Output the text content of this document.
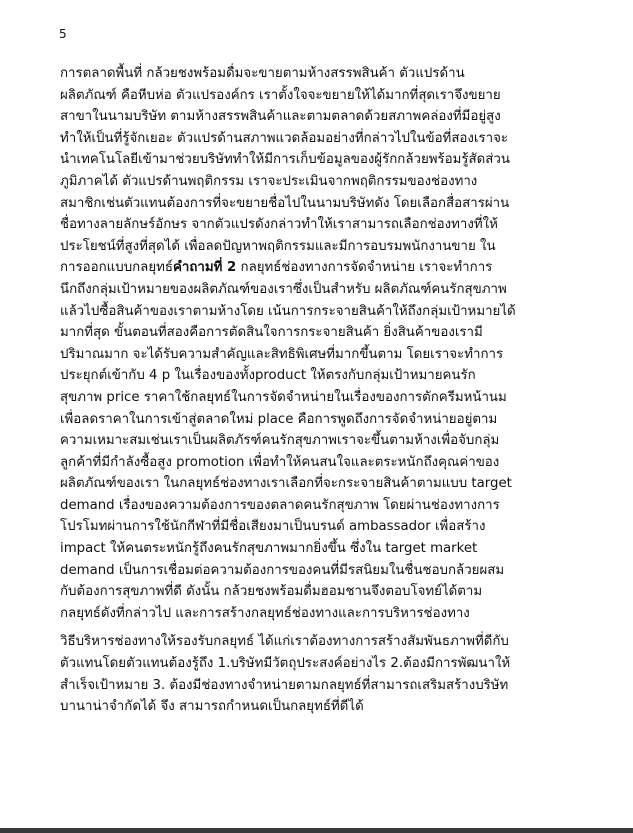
5
การตลาดพื้นที่ กล้วยชงพร้อมดื่มจะขายตามห้างสรรพสินค้า ตัวแปรด้าน
ผลิตภัณฑ์ คือหีบห่อ ตัวแปรองค์กร เราตั้งใจจะขยายให้ได้มากที่สุดเราจึงขยาย
สาขาในนามบริษัท ตามห้างสรรพสินค้าและตามตลาดด้วยสภาพคล่องที่มีอยู่สูง
ทำให้เป็นที่รู้จักเยอะ ตัวแปรด้านสภาพแวดล้อมอย่างที่กล่าวไปในข้อที่สองเราจะ
นำเทคโนโลยีเข้ามาช่วยบริษัททำให้มีการเก็บข้อมูลของผู้รักกล้วยพร้อมรู้สัดส่วน
ภูมิภาคได้ ตัวแปรด้านพฤติกรรม เราจะประเมินจากพฤติกรรมของช่องทาง
สมาชิกเช่นตัวแทนต้องการที่จะขยายชื่อไปในนามบริษัทดัง โดยเลือกสื่อสารผ่าน
ชื่อทางลายลักษร์อักษร จากตัวแปรดังกล่าวทำให้เราสามารถเลือกช่องทางที่ให้
ประโยชน์ที่สูงที่สุดได้ เพื่อลดปัญหาพฤติกรรมและมีการอบรมพนักงานขาย ใน
การออกแบบกลยุทธ์คำถามที่ 2 กลยุทธ์ช่องทางการจัดจำหน่าย เราจะทำการ
นึกถึงกลุ่มเป้าหมายของผลิตภัณฑ์ของเราซึ่งเป็นสำหรับ ผลิตภัณฑ์คนรักสุขภาพ
แล้วไปซื้อสินค้าของเราตามห้างโดย เน้นการกระจายสินค้าให้ถึงกลุ่มเป้าหมายได้
มากที่สุด ขั้นตอนที่สองคือการตัดสินใจการกระจายสินค้า ยิ่งสินค้าของเรามี
ปริมาณมาก จะได้รับความสำคัญและสิทธิพิเศษที่มากขึ้นตาม โดยเราจะทำการ
ประยุกต์เข้ากับ 4 p ในเรื่องของทั้งproduct ให้ตรงกับกลุ่มเป้าหมายคนรัก
สุขภาพ price ราคาใช้กลยุทธ์ในการจัดจำหน่ายในเรื่องของการตักครีมหน้านม
เพื่อลดราคาในการเข้าสู่ตลาดใหม่ place คือการพูดถึงการจัดจำหน่ายอยู่ตาม
ความเหมาะสมเช่นเราเป็นผลิตภัรฑ์คนรักสุขภาพเราจะขึ้นตามห้างเพื่อจับกลุ่ม
ลูกค้าที่มีกำลังซื้อสูง promotion เพื่อทำให้คนสนใจและตระหนักถึงคุณค่าของ
ผลิตภัณฑ์ของเรา ในกลยุทธ์ช่องทางเราเลือกที่จะกระจายสินค้าตามแบบ target
demand เรื่องของความต้องการของตลาดคนรักสุขภาพ โดยผ่านช่องทางการ
โปรโมทผ่านการใช้นักกีฬาที่มีชื่อเสียงมาเป็นบรนด์ ambassador เพื่อสร้าง
impact ให้คนตระหนักรู้ถึงคนรักสุขภาพมากยิ่งขึ้น ซึ่งใน target market
demand เป็นการเชื่อมต่อความต้องการของคนที่มีรสนิยมในชื่นชอบกล้วยผสม
กับต้องการสุขภาพที่ดี ดังนั้น กล้วยชงพร้อมดื่มฮอมชานจึงตอบโจทย์ได้ตาม
กลยุทธ์ดังที่กล่าวไป และการสร้างกลยุทธ์ช่องทางและการบริหารช่องทาง
วิธีบริหารช่องทางให้รองรับกลยุทธ์ ได้แก่เราต้องทางการสร้างสัมพันธภาพที่ดีกับ
ตัวแทนโดยตัวแทนต้องรู้ถึง 1.บริษัทมีวัตถุประสงค์อย่างไร 2.ต้องมีการพัฒนาให้
สำเร็จเป้าหมาย 3. ต้องมีช่องทางจำหน่ายตามกลยุทธ์ที่สามารถเสริมสร้างบริษัท
บานาน่าจำกัดได้ จึง สามารถกำหนดเป็นกลยุทธ์ที่ดีได้
